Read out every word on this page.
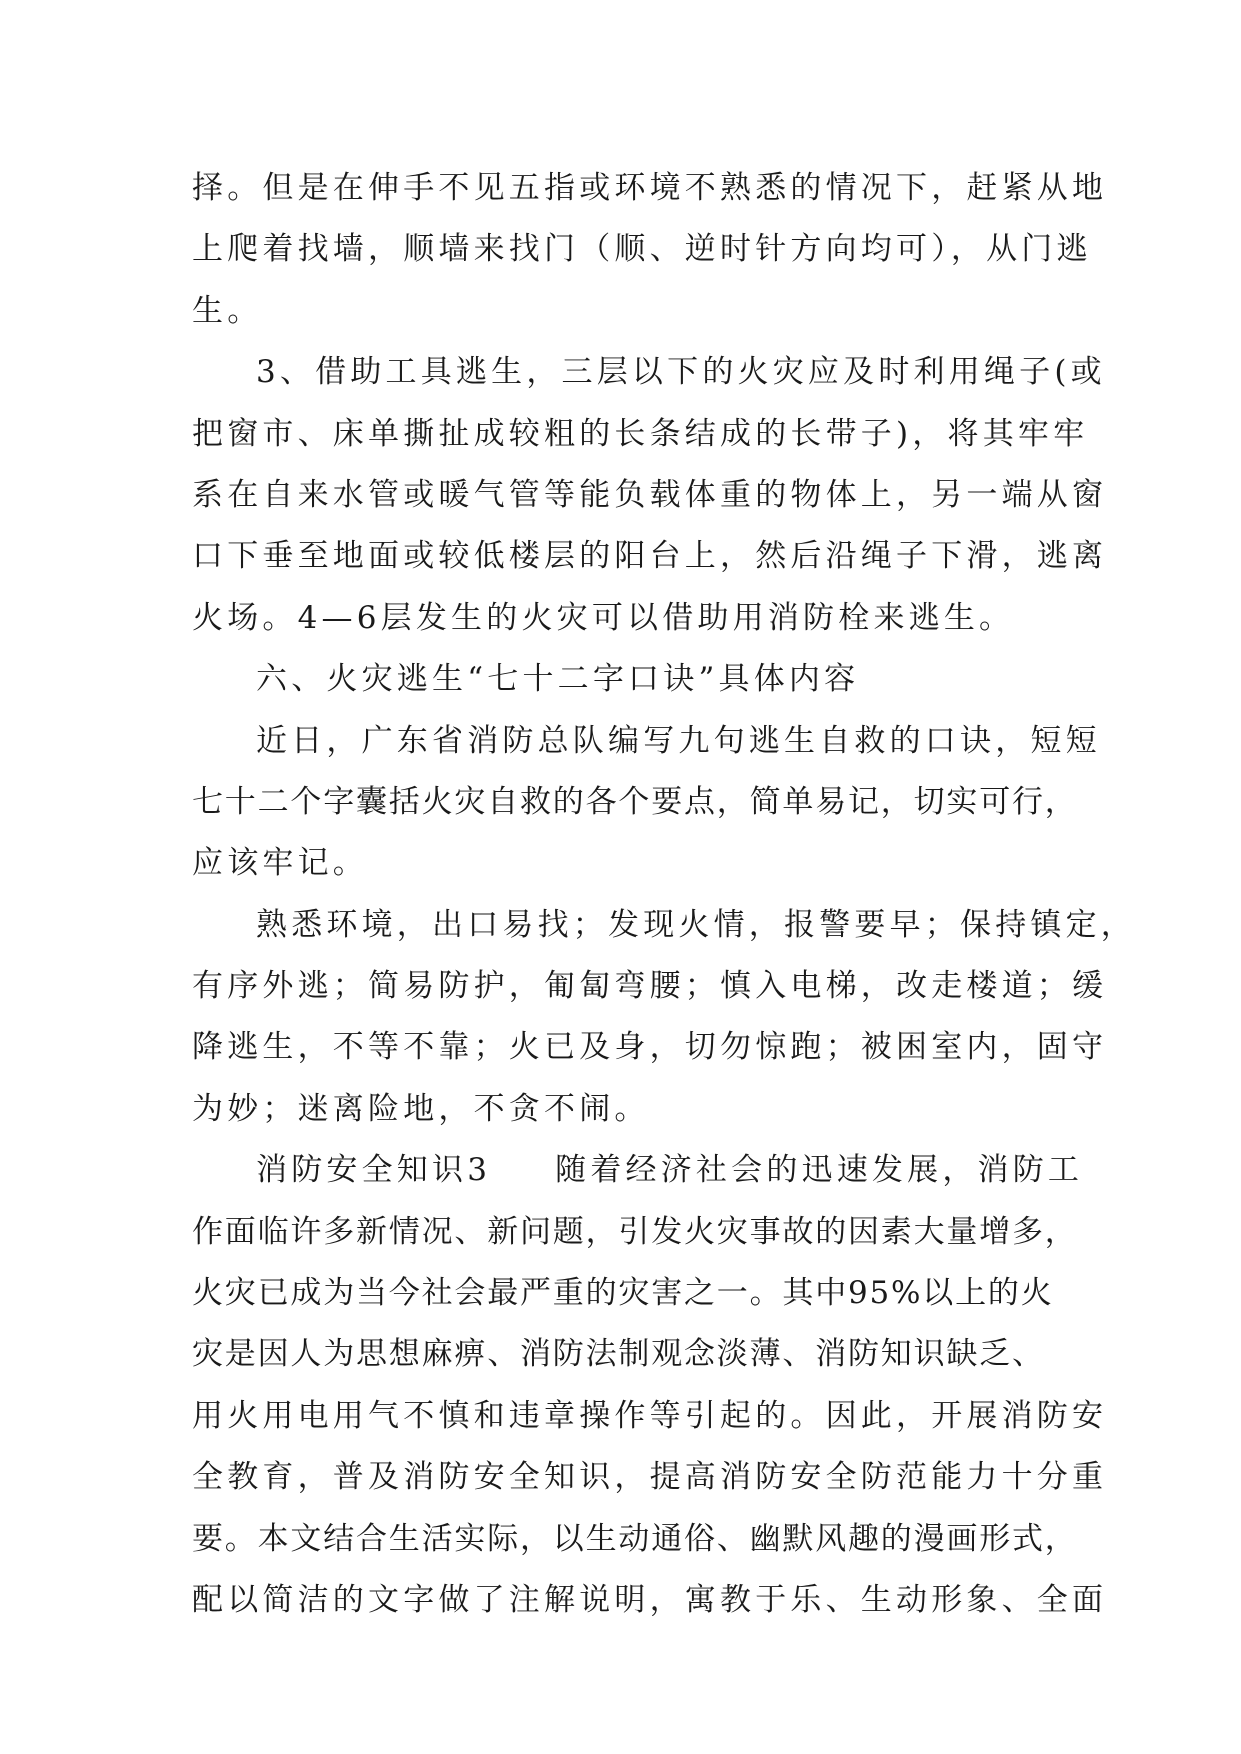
择。但是在伸手不见五指或环境不熟悉的情况下，赶紧从地
上爬着找墙，顺墙来找门（顺、逆时针方向均可），从门逃
生。
3、借助工具逃生，三层以下的火灾应及时利用绳子(或
把窗市、床单撕扯成较粗的长条结成的长带子)，将其牢牢
系在自来水管或暖气管等能负载体重的物体上，另一端从窗
口下垂至地面或较低楼层的阳台上，然后沿绳子下滑，逃离
火场。4—6层发生的火灾可以借助用消防栓来逃生。
六、火灾逃生“七十二字口诀”具体内容
近日，广东省消防总队编写九句逃生自救的口诀，短短
七十二个字囊括火灾自救的各个要点，简单易记，切实可行，
应该牢记。
熟悉环境，出口易找；发现火情，报警要早；保持镇定，
有序外逃；简易防护，匍匐弯腰；慎入电梯，改走楼道；缓
降逃生，不等不靠；火已及身，切勿惊跑；被困室内，固守
为妙；迷离险地，不贪不闹。
消防安全知识3 随着经济社会的迅速发展，消防工
作面临许多新情况、新问题，引发火灾事故的因素大量增多，
火灾已成为当今社会最严重的灾害之一。其中95%以上的火
灾是因人为思想麻痹、消防法制观念淡薄、消防知识缺乏、
用火用电用气不慎和违章操作等引起的。因此，开展消防安
全教育，普及消防安全知识，提高消防安全防范能力十分重
要。本文结合生活实际，以生动通俗、幽默风趣的漫画形式，
配以简洁的文字做了注解说明，寓教于乐、生动形象、全面
